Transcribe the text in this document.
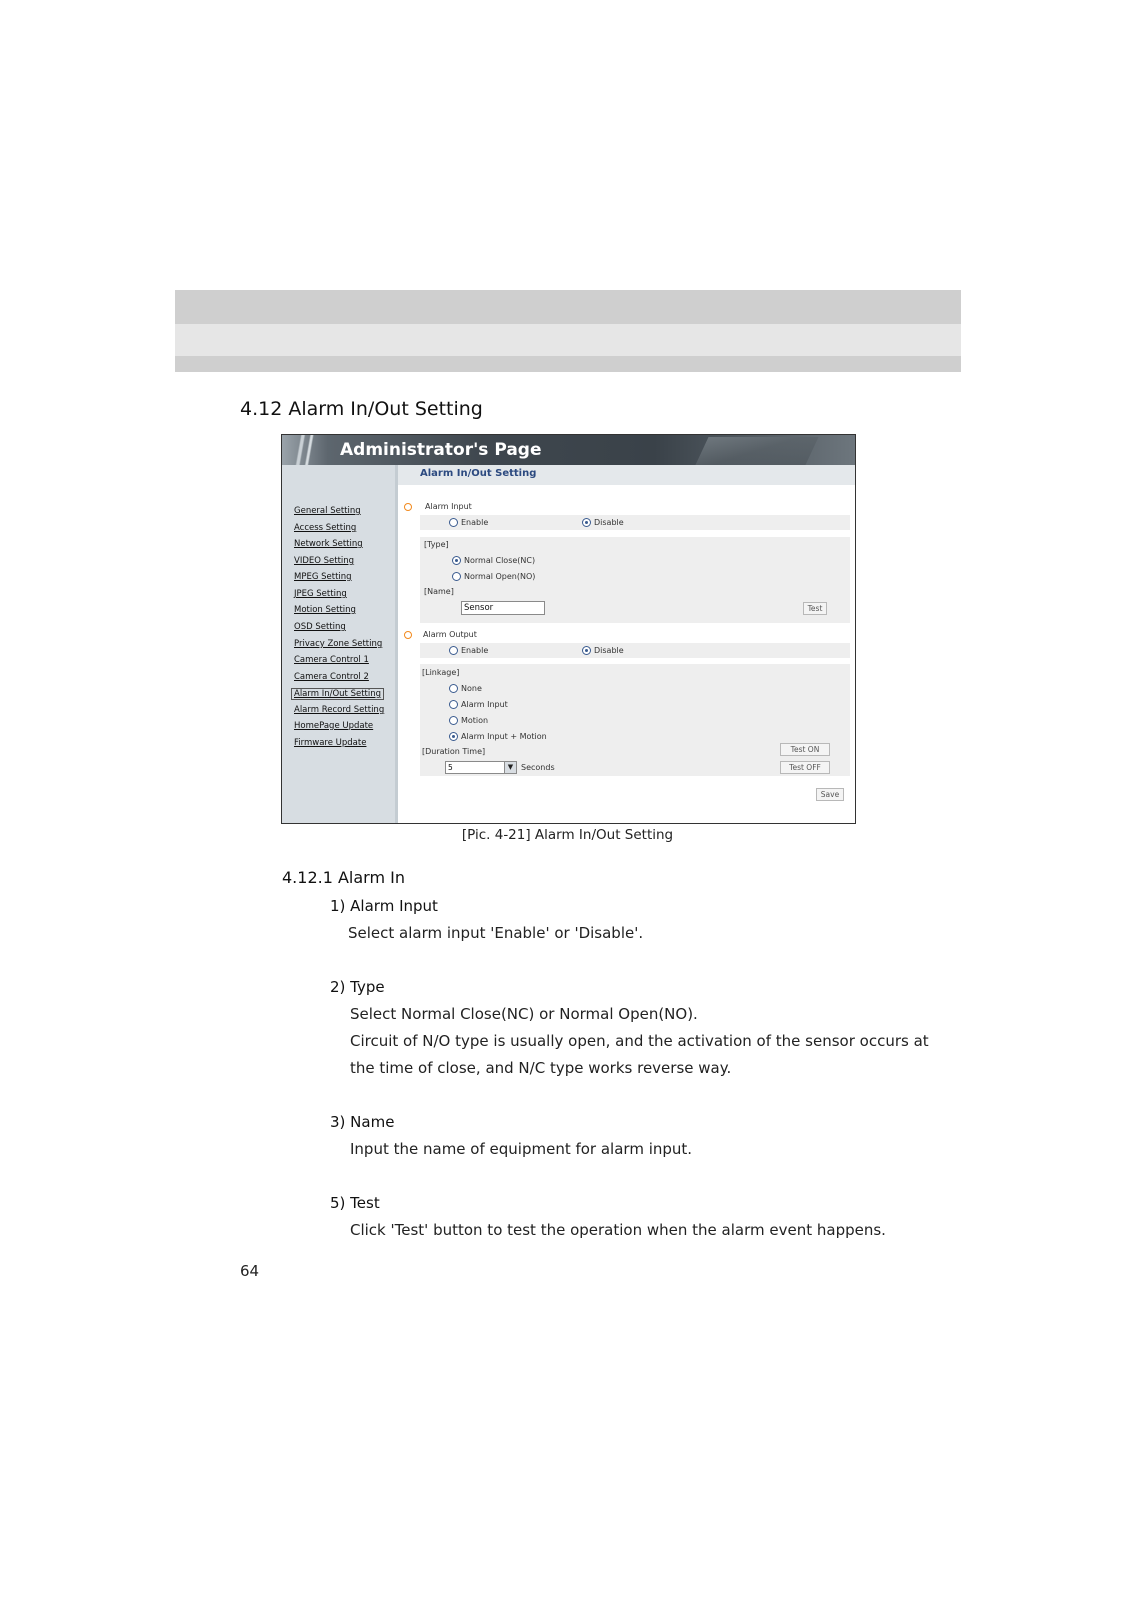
4.12 Alarm In/Out Setting
Administrator's Page
General Setting
Access Setting
Network Setting
VIDEO Setting
MPEG Setting
JPEG Setting
Motion Setting
OSD Setting
Privacy Zone Setting
Camera Control 1
Camera Control 2
Alarm In/Out Setting
Alarm Record Setting
HomePage Update
Firmware Update
Alarm In/Out Setting
Alarm Input
Enable	Disable
[Type]
Normal Close(NC)
Normal Open(NO)
[Name]
Sensor	Test
Alarm Output
Enable	Disable
[Linkage]
None
Alarm Input
Motion
Alarm Input + Motion
Test ON
[Duration Time]
5	▼ Seconds	Test OFF
Save
[Pic. 4-21] Alarm In/Out Setting
4.12.1 Alarm In
1) Alarm Input
Select alarm input 'Enable' or 'Disable'.
2) Type
Select Normal Close(NC) or Normal Open(NO).
Circuit of N/O type is usually open, and the activation of the sensor occurs at
the time of close, and N/C type works reverse way.
3) Name
Input the name of equipment for alarm input.
5) Test
Click 'Test' button to test the operation when the alarm event happens.
64
